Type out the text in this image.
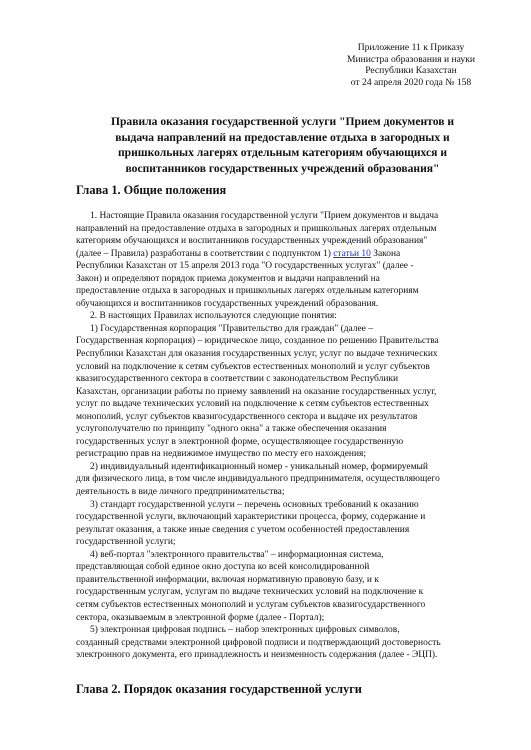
Приложение 11 к Приказу
Министра образования и науки
Республики Казахстан
от 24 апреля 2020 года № 158
Правила оказания государственной услуги "Прием документов и
выдача направлений на предоставление отдыха в загородных и
пришкольных лагерях отдельным категориям обучающихся и
воспитанников государственных учреждений образования"
Глава 1. Общие положения
1. Настоящие Правила оказания государственной услуги "Прием документов и выдача
направлений на предоставление отдыха в загородных и пришкольных лагерях отдельным
категориям обучающихся и воспитанников государственных учреждений образования"
(далее – Правила) разработаны в соответствии с подпунктом 1) статьи 10 Закона
Республики Казахстан от 15 апреля 2013 года "О государственных услугах" (далее -
Закон) и определяют порядок приема документов и выдачи направлений на
предоставление отдыха в загородных и пришкольных лагерях отдельным категориям
обучающихся и воспитанников государственных учреждений образования.
2. В настоящих Правилах используются следующие понятия:
1) Государственная корпорация "Правительство для граждан" (далее –
Государственная корпорация) – юридическое лицо, созданное по решению Правительства
Республики Казахстан для оказания государственных услуг, услуг по выдаче технических
условий на подключение к сетям субъектов естественных монополий и услуг субъектов
квазигосударственного сектора в соответствии с законодательством Республики
Казахстан, организации работы по приему заявлений на оказание государственных услуг,
услуг по выдаче технических условий на подключение к сетям субъектов естественных
монополий, услуг субъектов квазигосударственного сектора и выдаче их результатов
услугополучателю по принципу "одного окна" а также обеспечения оказания
государственных услуг в электронной форме, осуществляющее государственную
регистрацию прав на недвижимое имущество по месту его нахождения;
2) индивидуальный идентификационный номер - уникальный номер, формируемый
для физического лица, в том числе индивидуального предпринимателя, осуществляющего
деятельность в виде личного предпринимательства;
3) стандарт государственной услуги – перечень основных требований к оказанию
государственной услуги, включающий характеристики процесса, форму, содержание и
результат оказания, а также иные сведения с учетом особенностей предоставления
государственной услуги;
4) веб-портал "электронного правительства" – информационная система,
представляющая собой единое окно доступа ко всей консолидированной
правительственной информации, включая нормативную правовую базу, и к
государственным услугам, услугам по выдаче технических условий на подключение к
сетям субъектов естественных монополий и услугам субъектов квазигосударственного
сектора, оказываемым в электронной форме (далее - Портал);
5) электронная цифровая подпись – набор электронных цифровых символов,
созданный средствами электронной цифровой подписи и подтверждающий достоверность
электронного документа, его принадлежность и неизменность содержания (далее - ЭЦП).
Глава 2. Порядок оказания государственной услуги
